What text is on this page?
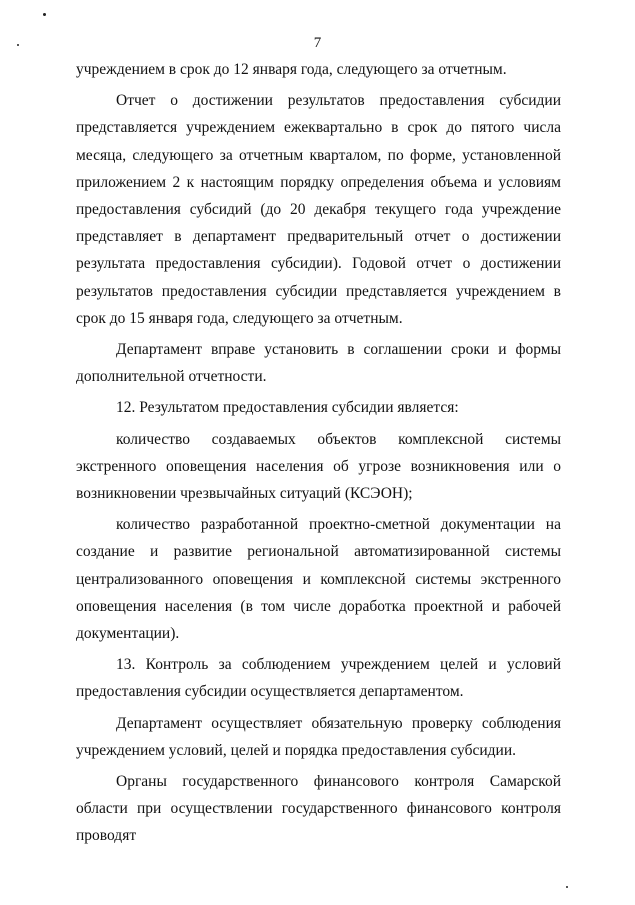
7

учреждением в срок до 12 января года, следующего за отчетным.

Отчет о достижении результатов предоставления субсидии представляется учреждением ежеквартально в срок до пятого числа месяца, следующего за отчетным кварталом, по форме, установленной приложением 2 к настоящим порядку определения объема и условиям предоставления субсидий (до 20 декабря текущего года учреждение представляет в департамент предварительный отчет о достижении результата предоставления субсидии). Годовой отчет о достижении результатов предоставления субсидии представляется учреждением в срок до 15 января года, следующего за отчетным.

Департамент вправе установить в соглашении сроки и формы дополнительной отчетности.

12. Результатом предоставления субсидии является:

количество создаваемых объектов комплексной системы экстренного оповещения населения об угрозе возникновения или о возникновении чрезвычайных ситуаций (КСЭОН);

количество разработанной проектно-сметной документации на создание и развитие региональной автоматизированной системы централизованного оповещения и комплексной системы экстренного оповещения населения (в том числе доработка проектной и рабочей документации).

13. Контроль за соблюдением учреждением целей и условий предоставления субсидии осуществляется департаментом.

Департамент осуществляет обязательную проверку соблюдения учреждением условий, целей и порядка предоставления субсидии.

Органы государственного финансового контроля Самарской области при осуществлении государственного финансового контроля проводят
